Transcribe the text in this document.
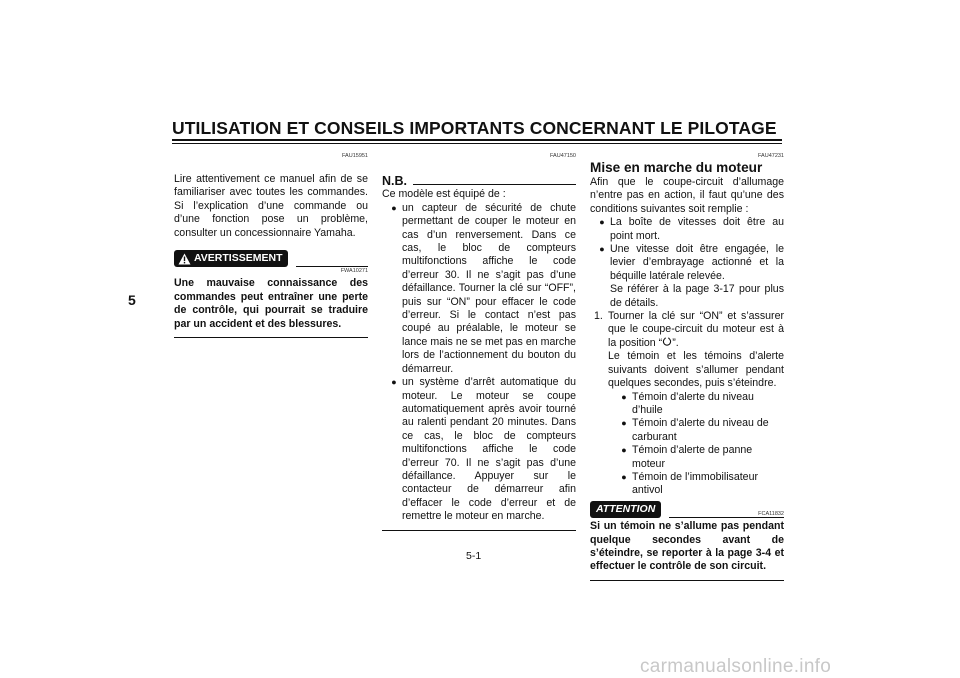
UTILISATION ET CONSEILS IMPORTANTS CONCERNANT LE PILOTAGE
5
FAU15951
Lire attentivement ce manuel afin de se familiariser avec toutes les commandes. Si l’explication d’une commande ou d’une fonction pose un problème, consulter un concessionnaire Yamaha.
AVERTISSEMENT
FWA10271
Une mauvaise connaissance des commandes peut entraîner une perte de contrôle, qui pourrait se traduire par un accident et des blessures.
FAU47150
N.B.
Ce modèle est équipé de :
● un capteur de sécurité de chute permettant de couper le moteur en cas d’un renversement. Dans ce cas, le bloc de compteurs multifonctions affiche le code d’erreur 30. Il ne s’agit pas d’une défaillance. Tourner la clé sur “OFF”, puis sur “ON” pour effacer le code d’erreur. Si le contact n’est pas coupé au préalable, le moteur se lance mais ne se met pas en marche lors de l’actionnement du bouton du démarreur.
● un système d’arrêt automatique du moteur. Le moteur se coupe automatiquement après avoir tourné au ralenti pendant 20 minutes. Dans ce cas, le bloc de compteurs multifonctions affiche le code d’erreur 70. Il ne s’agit pas d’une défaillance. Appuyer sur le contacteur de démarreur afin d’effacer le code d’erreur et de remettre le moteur en marche.
FAU47231
Mise en marche du moteur
Afin que le coupe-circuit d’allumage n’entre pas en action, il faut qu’une des conditions suivantes soit remplie :
● La boîte de vitesses doit être au point mort.
● Une vitesse doit être engagée, le levier d’embrayage actionné et la béquille latérale relevée.
Se référer à la page 3-17 pour plus de détails.
1. Tourner la clé sur “ON” et s’assurer que le coupe-circuit du moteur est à la position “ ”.
Le témoin et les témoins d’alerte suivants doivent s’allumer pendant quelques secondes, puis s’éteindre.
● Témoin d’alerte du niveau d’huile
● Témoin d’alerte du niveau de carburant
● Témoin d’alerte de panne moteur
● Témoin de l’immobilisateur antivol
ATTENTION	FCA11832
Si un témoin ne s’allume pas pendant quelque secondes avant de s’éteindre, se reporter à la page 3-4 et effectuer le contrôle de son circuit.
5-1
carmanualsonline.info
